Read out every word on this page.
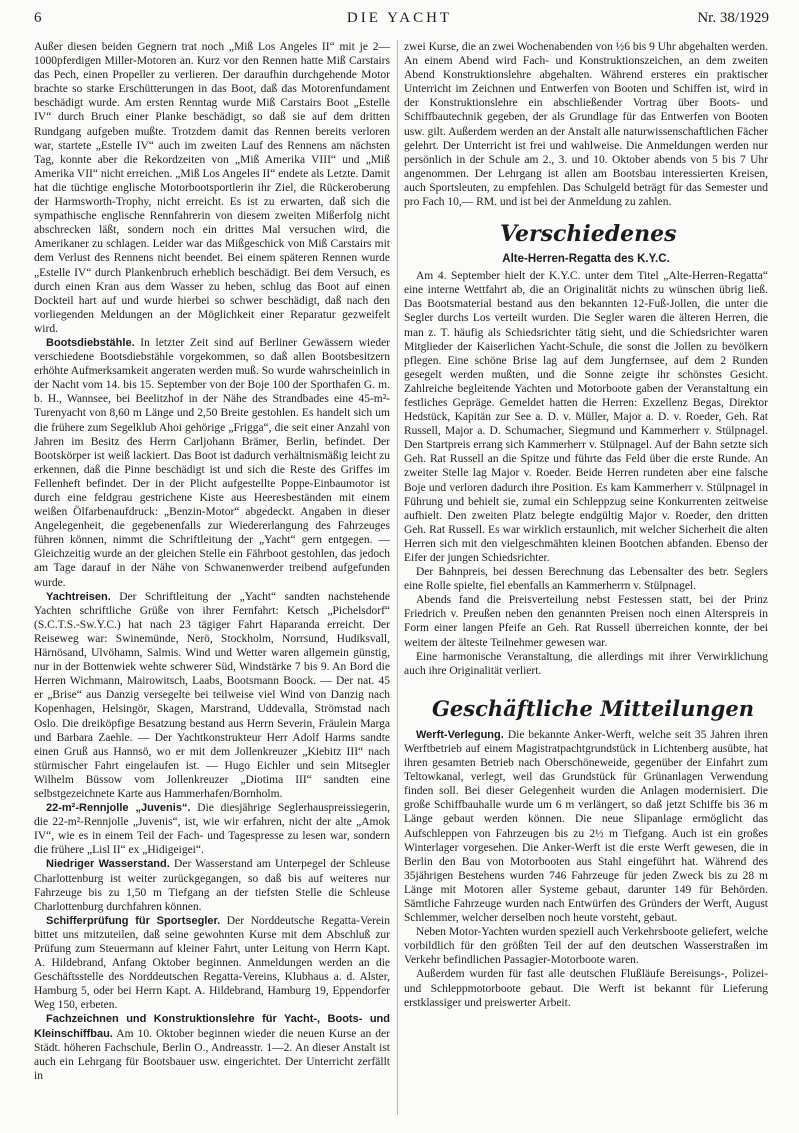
6	DIE YACHT	Nr. 38/1929

Außer diesen beiden Gegnern trat noch „Miß Los Angeles II“ mit je 2—1000pferdigen Miller-Motoren an. Kurz vor den Rennen hatte Miß Carstairs das Pech, einen Propeller zu verlieren. Der daraufhin durchgehende Motor brachte so starke Erschütterungen in das Boot, daß das Motorenfundament beschädigt wurde. Am ersten Renntag wurde Miß Carstairs Boot „Estelle IV“ durch Bruch einer Planke beschädigt, so daß sie auf dem dritten Rundgang aufgeben mußte. Trotzdem damit das Rennen bereits verloren war, startete „Estelle IV“ auch im zweiten Lauf des Rennens am nächsten Tag, konnte aber die Rekordzeiten von „Miß Amerika VIII“ und „Miß Amerika VII“ nicht erreichen. „Miß Los Angeles II“ endete als Letzte. Damit hat die tüchtige englische Motorbootsportlerin ihr Ziel, die Rückeroberung der Harmsworth-Trophy, nicht erreicht. Es ist zu erwarten, daß sich die sympathische englische Rennfahrerin von diesem zweiten Mißerfolg nicht abschrecken läßt, sondern noch ein drittes Mal versuchen wird, die Amerikaner zu schlagen. Leider war das Mißgeschick von Miß Carstairs mit dem Verlust des Rennens nicht beendet. Bei einem späteren Rennen wurde „Estelle IV“ durch Plankenbruch erheblich beschädigt. Bei dem Versuch, es durch einen Kran aus dem Wasser zu heben, schlug das Boot auf einen Dockteil hart auf und wurde hierbei so schwer beschädigt, daß nach den vorliegenden Meldungen an der Möglichkeit einer Reparatur gezweifelt wird.

Bootsdiebstähle. In letzter Zeit sind auf Berliner Gewässern wieder verschiedene Bootsdiebstähle vorgekommen, so daß allen Bootsbesitzern erhöhte Aufmerksamkeit angeraten werden muß. So wurde wahrscheinlich in der Nacht vom 14. bis 15. September von der Boje 100 der Sporthafen G. m. b. H., Wannsee, bei Beelitzhof in der Nähe des Strandbades eine 45-m²-Turenyacht von 8,60 m Länge und 2,50 Breite gestohlen. Es handelt sich um die frühere zum Segelklub Ahoi gehörige „Frigga“, die seit einer Anzahl von Jahren im Besitz des Herrn Carljohann Brämer, Berlin, befindet. Der Bootskörper ist weiß lackiert. Das Boot ist dadurch verhältnismäßig leicht zu erkennen, daß die Pinne beschädigt ist und sich die Reste des Griffes im Fellenheft befindet. Der in der Plicht aufgestellte Poppe-Einbaumotor ist durch eine feldgrau gestrichene Kiste aus Heeresbeständen mit einem weißen Ölfarbenaufdruck: „Benzin-Motor“ abgedeckt. Angaben in dieser Angelegenheit, die gegebenenfalls zur Wiedererlangung des Fahrzeuges führen können, nimmt die Schriftleitung der „Yacht“ gern entgegen. — Gleichzeitig wurde an der gleichen Stelle ein Fährboot gestohlen, das jedoch am Tage darauf in der Nähe von Schwanenwerder treibend aufgefunden wurde.

Yachtreisen. Der Schriftleitung der „Yacht“ sandten nachstehende Yachten schriftliche Grüße von ihrer Fernfahrt: Ketsch „Pichelsdorf“ (S.C.T.S.-Sw.Y.C.) hat nach 23 tägiger Fahrt Haparanda erreicht. Der Reiseweg war: Swinemünde, Nerö, Stockholm, Norrsund, Hudiksvall, Härnösand, Ulvöhamn, Salmis. Wind und Wetter waren allgemein günstig, nur in der Bottenwiek wehte schwerer Süd, Windstärke 7 bis 9. An Bord die Herren Wichmann, Mairowitsch, Laabs, Bootsmann Boock. — Der nat. 45 er „Brise“ aus Danzig versegelte bei teilweise viel Wind von Danzig nach Kopenhagen, Helsingör, Skagen, Marstrand, Uddevalla, Strömstad nach Oslo. Die dreiköpfige Besatzung bestand aus Herrn Severin, Fräulein Marga und Barbara Zaehle. — Der Yachtkonstrukteur Herr Adolf Harms sandte einen Gruß aus Hannsö, wo er mit dem Jollenkreuzer „Kiebitz III“ nach stürmischer Fahrt eingelaufen ist. — Hugo Eichler und sein Mitsegler Wilhelm Büssow vom Jollenkreuzer „Diotima III“ sandten eine selbstgezeichnete Karte aus Hammerhafen/Bornholm.

22-m²-Rennjolle „Juvenis“. Die diesjährige Seglerhauspreissiegerin, die 22-m²-Rennjolle „Juvenis“, ist, wie wir erfahren, nicht der alte „Amok IV“, wie es in einem Teil der Fach- und Tagespresse zu lesen war, sondern die frühere „Lisl II“ ex „Hidigeigei“.

Niedriger Wasserstand. Der Wasserstand am Unterpegel der Schleuse Charlottenburg ist weiter zurückgegangen, so daß bis auf weiteres nur Fahrzeuge bis zu 1,50 m Tiefgang an der tiefsten Stelle die Schleuse Charlottenburg durchfahren können.

Schifferprüfung für Sportsegler. Der Norddeutsche Regatta-Verein bittet uns mitzuteilen, daß seine gewohnten Kurse mit dem Abschluß zur Prüfung zum Steuermann auf kleiner Fahrt, unter Leitung von Herrn Kapt. A. Hildebrand, Anfang Oktober beginnen. Anmeldungen werden an die Geschäftsstelle des Norddeutschen Regatta-Vereins, Klubhaus a. d. Alster, Hamburg 5, oder bei Herrn Kapt. A. Hildebrand, Hamburg 19, Eppendorfer Weg 150, erbeten.

Fachzeichnen und Konstruktionslehre für Yacht-, Boots- und Kleinschiffbau. Am 10. Oktober beginnen wieder die neuen Kurse an der Städt. höheren Fachschule, Berlin O., Andreasstr. 1—2. An dieser Anstalt ist auch ein Lehrgang für Bootsbauer usw. eingerichtet. Der Unterricht zerfällt in

zwei Kurse, die an zwei Wochenabenden von ½6 bis 9 Uhr abgehalten werden. An einem Abend wird Fach- und Konstruktionszeichen, an dem zweiten Abend Konstruktionslehre abgehalten. Während ersteres ein praktischer Unterricht im Zeichnen und Entwerfen von Booten und Schiffen ist, wird in der Konstruktionslehre ein abschließender Vortrag über Boots- und Schiffbautechnik gegeben, der als Grundlage für das Entwerfen von Booten usw. gilt. Außerdem werden an der Anstalt alle naturwissenschaftlichen Fächer gelehrt. Der Unterricht ist frei und wahlweise. Die Anmeldungen werden nur persönlich in der Schule am 2., 3. und 10. Oktober abends von 5 bis 7 Uhr angenommen. Der Lehrgang ist allen am Bootsbau interessierten Kreisen, auch Sportsleuten, zu empfehlen. Das Schulgeld beträgt für das Semester und pro Fach 10,— RM. und ist bei der Anmeldung zu zahlen.

Verschiedenes
Alte-Herren-Regatta des K.Y.C.

Am 4. September hielt der K.Y.C. unter dem Titel „Alte-Herren-Regatta“ eine interne Wettfahrt ab, die an Originalität nichts zu wünschen übrig ließ. Das Bootsmaterial bestand aus den bekannten 12-Fuß-Jollen, die unter die Segler durchs Los verteilt wurden. Die Segler waren die älteren Herren, die man z. T. häufig als Schiedsrichter tätig sieht, und die Schiedsrichter waren Mitglieder der Kaiserlichen Yacht-Schule, die sonst die Jollen zu bevölkern pflegen. Eine schöne Brise lag auf dem Jungfernsee, auf dem 2 Runden gesegelt werden mußten, und die Sonne zeigte ihr schönstes Gesicht. Zahlreiche begleitende Yachten und Motorboote gaben der Veranstaltung ein festliches Gepräge. Gemeldet hatten die Herren: Exzellenz Begas, Direktor Hedstück, Kapitän zur See a. D. v. Müller, Major a. D. v. Roeder, Geh. Rat Russell, Major a. D. Schumacher, Siegmund und Kammerherr v. Stülpnagel. Den Startpreis errang sich Kammerherr v. Stülpnagel. Auf der Bahn setzte sich Geh. Rat Russell an die Spitze und führte das Feld über die erste Runde. An zweiter Stelle lag Major v. Roeder. Beide Herren rundeten aber eine falsche Boje und verloren dadurch ihre Position. Es kam Kammerherr v. Stülpnagel in Führung und behielt sie, zumal ein Schleppzug seine Konkurrenten zeitweise aufhielt. Den zweiten Platz belegte endgültig Major v. Roeder, den dritten Geh. Rat Russell. Es war wirklich erstaunlich, mit welcher Sicherheit die alten Herren sich mit den vielgeschmähten kleinen Bootchen abfanden. Ebenso der Eifer der jungen Schiedsrichter.

Der Bahnpreis, bei dessen Berechnung das Lebensalter des betr. Seglers eine Rolle spielte, fiel ebenfalls an Kammerherrn v. Stülpnagel.

Abends fand die Preisverteilung nebst Festessen statt, bei der Prinz Friedrich v. Preußen neben den genannten Preisen noch einen Alterspreis in Form einer langen Pfeife an Geh. Rat Russell überreichen konnte, der bei weitem der älteste Teilnehmer gewesen war.

Eine harmonische Veranstaltung, die allerdings mit ihrer Verwirklichung auch ihre Originalität verliert.

Geschäftliche Mitteilungen

Werft-Verlegung. Die bekannte Anker-Werft, welche seit 35 Jahren ihren Werftbetrieb auf einem Magistratpachtgrundstück in Lichtenberg ausübte, hat ihren gesamten Betrieb nach Oberschöneweide, gegenüber der Einfahrt zum Teltowkanal, verlegt, weil das Grundstück für Grünanlagen Verwendung finden soll. Bei dieser Gelegenheit wurden die Anlagen modernisiert. Die große Schiffbauhalle wurde um 6 m verlängert, so daß jetzt Schiffe bis 36 m Länge gebaut werden können. Die neue Slipanlage ermöglicht das Aufschleppen von Fahrzeugen bis zu 2½ m Tiefgang. Auch ist ein großes Winterlager vorgesehen. Die Anker-Werft ist die erste Werft gewesen, die in Berlin den Bau von Motorbooten aus Stahl eingeführt hat. Während des 35jährigen Bestehens wurden 746 Fahrzeuge für jeden Zweck bis zu 28 m Länge mit Motoren aller Systeme gebaut, darunter 149 für Behörden. Sämtliche Fahrzeuge wurden nach Entwürfen des Gründers der Werft, August Schlemmer, welcher derselben noch heute vorsteht, gebaut.

Neben Motor-Yachten wurden speziell auch Verkehrsboote geliefert, welche vorbildlich für den größten Teil der auf den deutschen Wasserstraßen im Verkehr befindlichen Passagier-Motorboote waren.

Außerdem wurden für fast alle deutschen Flußläufe Bereisungs-, Polizei- und Schleppmotorboote gebaut. Die Werft ist bekannt für Lieferung erstklassiger und preiswerter Arbeit.
